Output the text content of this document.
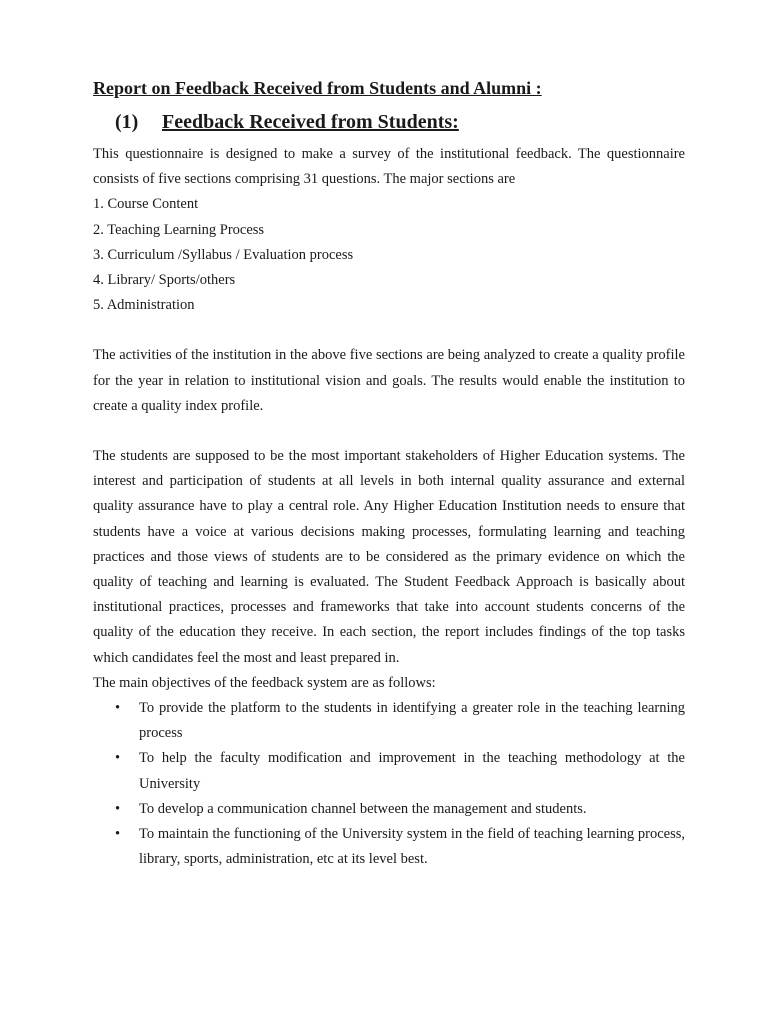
Report on Feedback Received from Students and Alumni :
(1) Feedback Received from Students:

This questionnaire is designed to make a survey of the institutional feedback. The questionnaire consists of five sections comprising 31 questions. The major sections are

1. Course Content
2. Teaching Learning Process
3. Curriculum /Syllabus / Evaluation process
4. Library/ Sports/others
5. Administration

The activities of the institution in the above five sections are being analyzed to create a quality profile for the year in relation to institutional vision and goals. The results would enable the institution to create a quality index profile.

The students are supposed to be the most important stakeholders of Higher Education systems. The interest and participation of students at all levels in both internal quality assurance and external quality assurance have to play a central role. Any Higher Education Institution needs to ensure that students have a voice at various decisions making processes, formulating learning and teaching practices and those views of students are to be considered as the primary evidence on which the quality of teaching and learning is evaluated. The Student Feedback Approach is basically about institutional practices, processes and frameworks that take into account students concerns of the quality of the education they receive. In each section, the report includes findings of the top tasks which candidates feel the most and least prepared in.

The main objectives of the feedback system are as follows:

• To provide the platform to the students in identifying a greater role in the teaching learning process
• To help the faculty modification and improvement in the teaching methodology at the University
• To develop a communication channel between the management and students.
• To maintain the functioning of the University system in the field of teaching learning process, library, sports, administration, etc at its level best.
